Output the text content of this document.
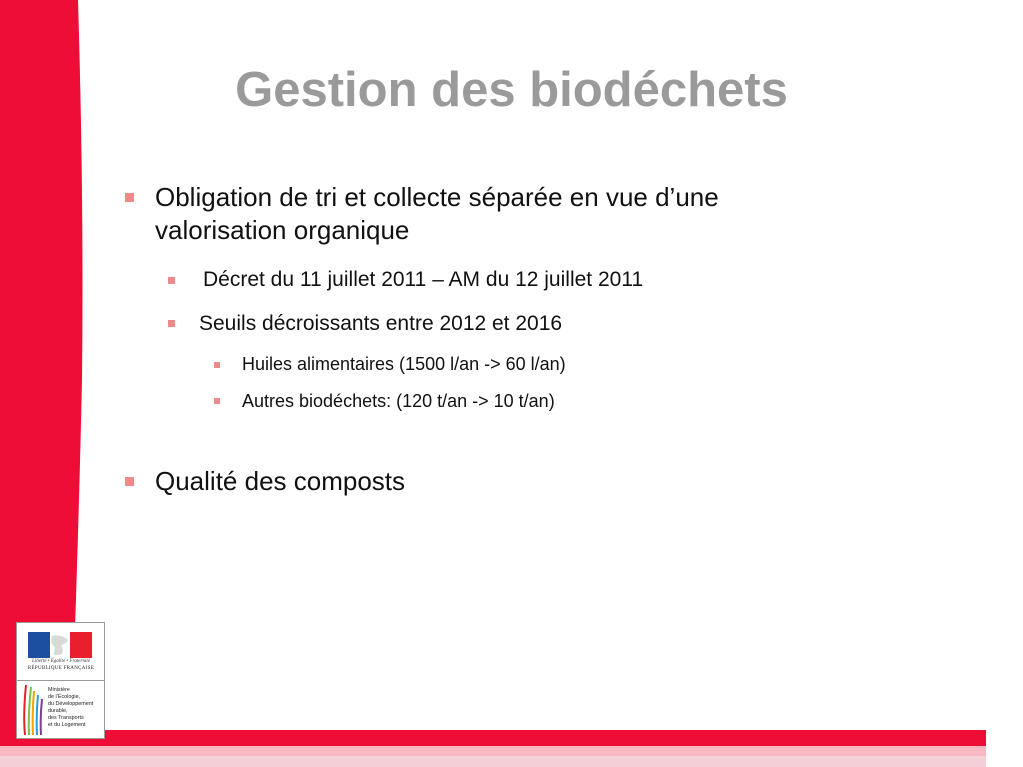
Gestion des biodéchets
Obligation de tri et collecte séparée en vue d’une
valorisation organique
Décret du 11 juillet 2011 – AM du 12 juillet 2011
Seuils décroissants entre 2012 et 2016
Huiles alimentaires (1500 l/an -> 60 l/an)
Autres biodéchets: (120 t/an -> 10 t/an)
Qualité des composts
Liberté • Égalité • Fraternité
RÉPUBLIQUE FRANÇAISE
Ministère
de l’Écologie,
du Développement
durable,
des Transports
et du Logement
